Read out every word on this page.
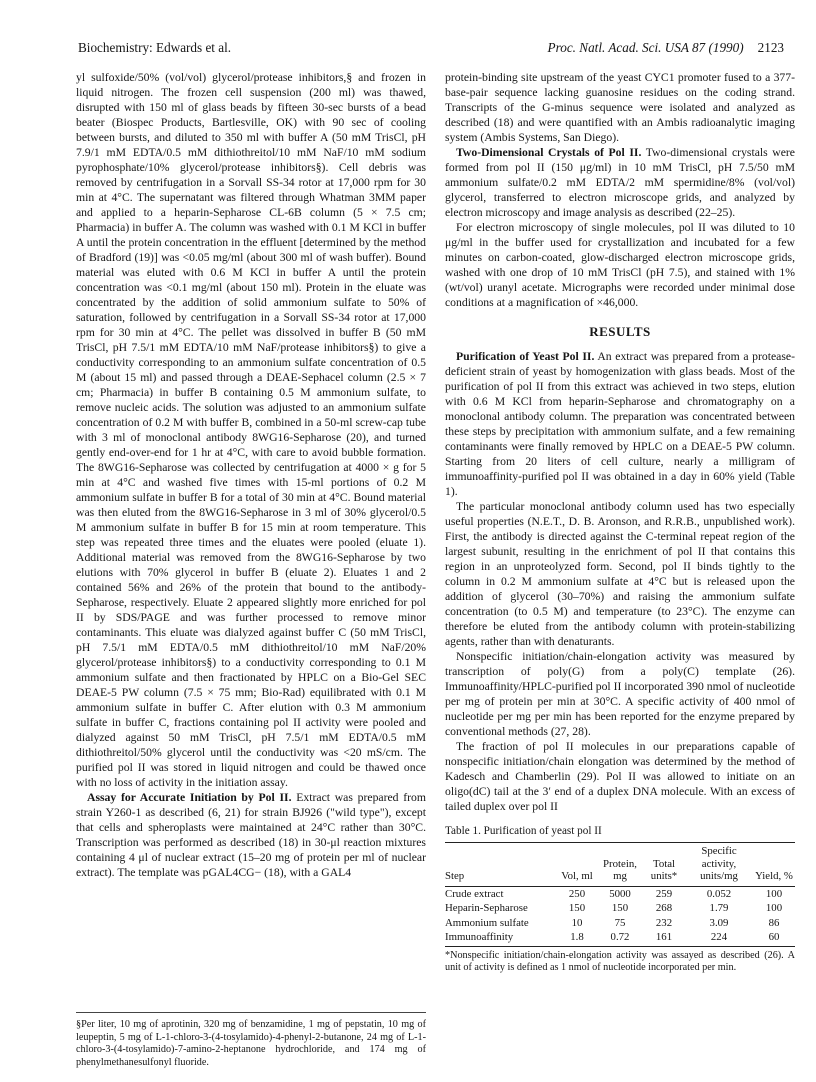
Biochemistry: Edwards et al.	Proc. Natl. Acad. Sci. USA 87 (1990) 2123

yl sulfoxide/50% (vol/vol) glycerol/protease inhibitors,§ and frozen in liquid nitrogen. The frozen cell suspension (200 ml) was thawed, disrupted with 150 ml of glass beads by fifteen 30-sec bursts of a bead beater (Biospec Products, Bartlesville, OK) with 90 sec of cooling between bursts, and diluted to 350 ml with buffer A (50 mM TrisCl, pH 7.9/1 mM EDTA/0.5 mM dithiothreitol/10 mM NaF/10 mM sodium pyrophosphate/10% glycerol/protease inhibitors§). Cell debris was removed by centrifugation in a Sorvall SS-34 rotor at 17,000 rpm for 30 min at 4°C. The supernatant was filtered through Whatman 3MM paper and applied to a heparin-Sepharose CL-6B column (5 × 7.5 cm; Pharmacia) in buffer A. The column was washed with 0.1 M KCl in buffer A until the protein concentration in the effluent [determined by the method of Bradford (19)] was <0.05 mg/ml (about 300 ml of wash buffer). Bound material was eluted with 0.6 M KCl in buffer A until the protein concentration was <0.1 mg/ml (about 150 ml). Protein in the eluate was concentrated by the addition of solid ammonium sulfate to 50% of saturation, followed by centrifugation in a Sorvall SS-34 rotor at 17,000 rpm for 30 min at 4°C. The pellet was dissolved in buffer B (50 mM TrisCl, pH 7.5/1 mM EDTA/10 mM NaF/protease inhibitors§) to give a conductivity corresponding to an ammonium sulfate concentration of 0.5 M (about 15 ml) and passed through a DEAE-Sephacel column (2.5 × 7 cm; Pharmacia) in buffer B containing 0.5 M ammonium sulfate, to remove nucleic acids. The solution was adjusted to an ammonium sulfate concentration of 0.2 M with buffer B, combined in a 50-ml screw-cap tube with 3 ml of monoclonal antibody 8WG16-Sepharose (20), and turned gently end-over-end for 1 hr at 4°C, with care to avoid bubble formation. The 8WG16-Sepharose was collected by centrifugation at 4000 × g for 5 min at 4°C and washed five times with 15-ml portions of 0.2 M ammonium sulfate in buffer B for a total of 30 min at 4°C. Bound material was then eluted from the 8WG16-Sepharose in 3 ml of 30% glycerol/0.5 M ammonium sulfate in buffer B for 15 min at room temperature. This step was repeated three times and the eluates were pooled (eluate 1). Additional material was removed from the 8WG16-Sepharose by two elutions with 70% glycerol in buffer B (eluate 2). Eluates 1 and 2 contained 56% and 26% of the protein that bound to the antibody-Sepharose, respectively. Eluate 2 appeared slightly more enriched for pol II by SDS/PAGE and was further processed to remove minor contaminants. This eluate was dialyzed against buffer C (50 mM TrisCl, pH 7.5/1 mM EDTA/0.5 mM dithiothreitol/10 mM NaF/20% glycerol/protease inhibitors§) to a conductivity corresponding to 0.1 M ammonium sulfate and then fractionated by HPLC on a Bio-Gel SEC DEAE-5 PW column (7.5 × 75 mm; Bio-Rad) equilibrated with 0.1 M ammonium sulfate in buffer C. After elution with 0.3 M ammonium sulfate in buffer C, fractions containing pol II activity were pooled and dialyzed against 50 mM TrisCl, pH 7.5/1 mM EDTA/0.5 mM dithiothreitol/50% glycerol until the conductivity was <20 mS/cm. The purified pol II was stored in liquid nitrogen and could be thawed once with no loss of activity in the initiation assay.

Assay for Accurate Initiation by Pol II. Extract was prepared from strain Y260-1 as described (6, 21) for strain BJ926 ("wild type"), except that cells and spheroplasts were maintained at 24°C rather than 30°C. Transcription was performed as described (18) in 30-μl reaction mixtures containing 4 μl of nuclear extract (15–20 mg of protein per ml of nuclear extract). The template was pGAL4CG− (18), with a GAL4

§Per liter, 10 mg of aprotinin, 320 mg of benzamidine, 1 mg of pepstatin, 10 mg of leupeptin, 5 mg of L-1-chloro-3-(4-tosylamido)-4-phenyl-2-butanone, 24 mg of L-1-chloro-3-(4-tosylamido)-7-amino-2-heptanone hydrochloride, and 174 mg of phenylmethanesulfonyl fluoride.

protein-binding site upstream of the yeast CYC1 promoter fused to a 377-base-pair sequence lacking guanosine residues on the coding strand. Transcripts of the G-minus sequence were isolated and analyzed as described (18) and were quantified with an Ambis radioanalytic imaging system (Ambis Systems, San Diego).

Two-Dimensional Crystals of Pol II. Two-dimensional crystals were formed from pol II (150 μg/ml) in 10 mM TrisCl, pH 7.5/50 mM ammonium sulfate/0.2 mM EDTA/2 mM spermidine/8% (vol/vol) glycerol, transferred to electron microscope grids, and analyzed by electron microscopy and image analysis as described (22–25).

For electron microscopy of single molecules, pol II was diluted to 10 μg/ml in the buffer used for crystallization and incubated for a few minutes on carbon-coated, glow-discharged electron microscope grids, washed with one drop of 10 mM TrisCl (pH 7.5), and stained with 1% (wt/vol) uranyl acetate. Micrographs were recorded under minimal dose conditions at a magnification of ×46,000.

RESULTS

Purification of Yeast Pol II. An extract was prepared from a protease-deficient strain of yeast by homogenization with glass beads. Most of the purification of pol II from this extract was achieved in two steps, elution with 0.6 M KCl from heparin-Sepharose and chromatography on a monoclonal antibody column. The preparation was concentrated between these steps by precipitation with ammonium sulfate, and a few remaining contaminants were finally removed by HPLC on a DEAE-5 PW column. Starting from 20 liters of cell culture, nearly a milligram of immunoaffinity-purified pol II was obtained in a day in 60% yield (Table 1).

The particular monoclonal antibody column used has two especially useful properties (N.E.T., D. B. Aronson, and R.R.B., unpublished work). First, the antibody is directed against the C-terminal repeat region of the largest subunit, resulting in the enrichment of pol II that contains this region in an unproteolyzed form. Second, pol II binds tightly to the column in 0.2 M ammonium sulfate at 4°C but is released upon the addition of glycerol (30–70%) and raising the ammonium sulfate concentration (to 0.5 M) and temperature (to 23°C). The enzyme can therefore be eluted from the antibody column with protein-stabilizing agents, rather than with denaturants.

Nonspecific initiation/chain-elongation activity was measured by transcription of poly(G) from a poly(C) template (26). Immunoaffinity/HPLC-purified pol II incorporated 390 nmol of nucleotide per mg of protein per min at 30°C. A specific activity of 400 nmol of nucleotide per mg per min has been reported for the enzyme prepared by conventional methods (27, 28).

The fraction of pol II molecules in our preparations capable of nonspecific initiation/chain elongation was determined by the method of Kadesch and Chamberlin (29). Pol II was allowed to initiate on an oligo(dC) tail at the 3′ end of a duplex DNA molecule. With an excess of tailed duplex over pol II

Table 1. Purification of yeast pol II
Step	Vol, ml	Protein, mg	Total units*	Specific activity, units/mg	Yield, %
Crude extract	250	5000	259	0.052	100
Heparin-Sepharose	150	150	268	1.79	100
Ammonium sulfate	10	75	232	3.09	86
Immunoaffinity	1.8	0.72	161	224	60
*Nonspecific initiation/chain-elongation activity was assayed as described (26). A unit of activity is defined as 1 nmol of nucleotide incorporated per min.
